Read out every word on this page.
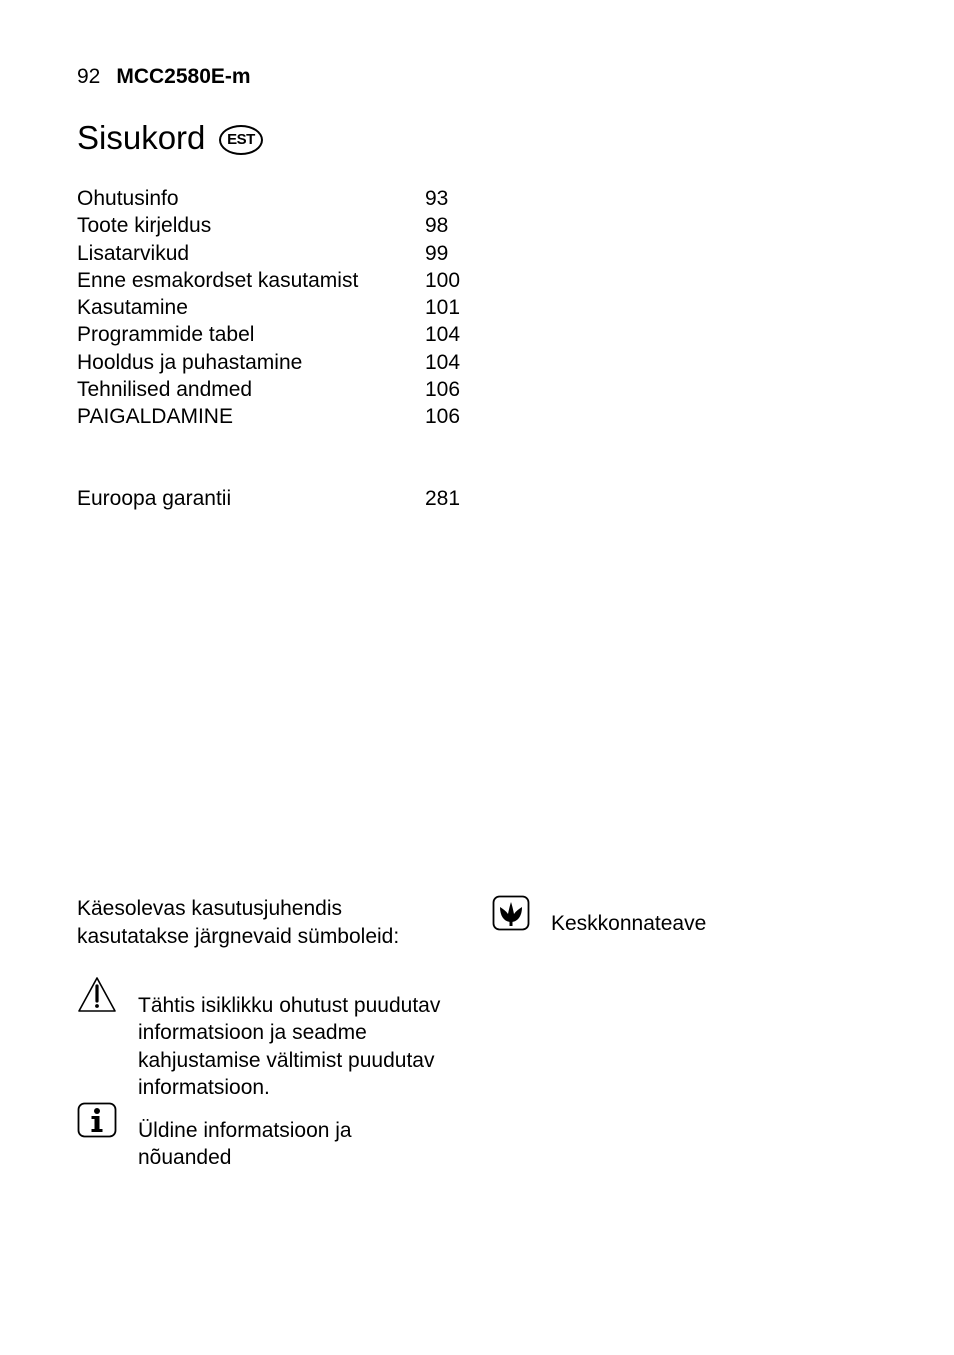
92 MCC2580E-m
Sisukord	EST
Ohutusinfo	93
Toote kirjeldus	98
Lisatarvikud	99
Enne esmakordset kasutamist	100
Kasutamine	101
Programmide tabel	104
Hooldus ja puhastamine	104
Tehnilised andmed	106
PAIGALDAMINE	106
Euroopa garantii	281
Käesolevas kasutusjuhendis
kasutatakse järgnevaid sümboleid:
Tähtis isiklikku ohutust puudutav
informatsioon ja seadme
kahjustamise vältimist puudutav
informatsioon.
Üldine informatsioon ja
nõuanded
Keskkonnateave
